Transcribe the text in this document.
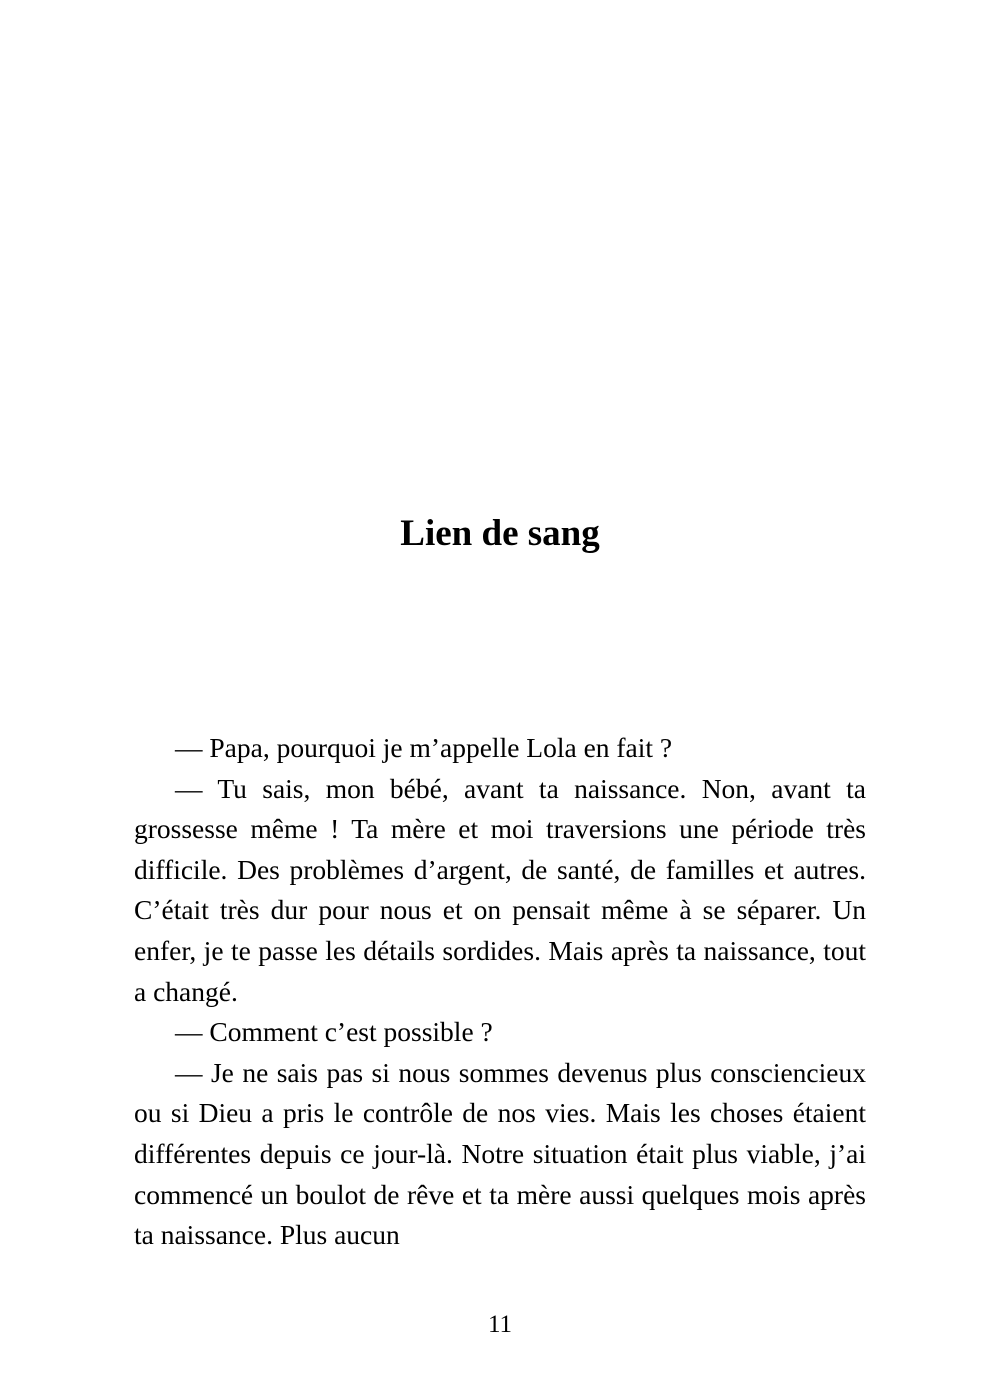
Lien de sang

— Papa, pourquoi je m’appelle Lola en fait ?

— Tu sais, mon bébé, avant ta naissance. Non, avant ta grossesse même ! Ta mère et moi traversions une période très difficile. Des problèmes d’argent, de santé, de familles et autres. C’était très dur pour nous et on pensait même à se séparer. Un enfer, je te passe les détails sordides. Mais après ta naissance, tout a changé.

— Comment c’est possible ?

— Je ne sais pas si nous sommes devenus plus consciencieux ou si Dieu a pris le contrôle de nos vies. Mais les choses étaient différentes depuis ce jour-là. Notre situation était plus viable, j’ai commencé un boulot de rêve et ta mère aussi quelques mois après ta naissance. Plus aucun

11
